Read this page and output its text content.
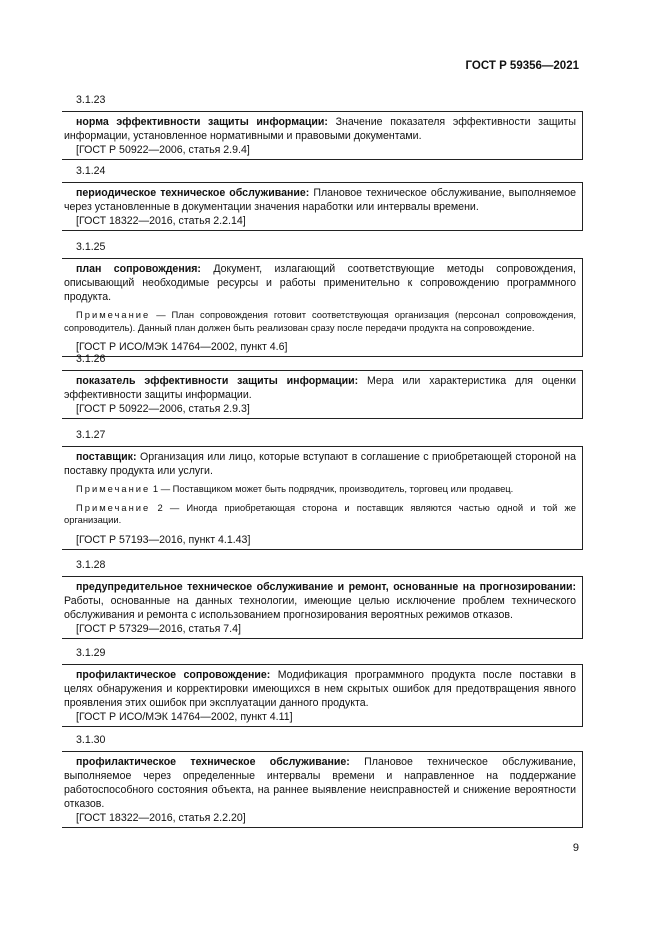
ГОСТ Р 59356—2021
3.1.23

норма эффективности защиты информации: Значение показателя эффективности защиты информации, установленное нормативными и правовыми документами.

[ГОСТ Р 50922—2006, статья 2.9.4]

3.1.24

периодическое техническое обслуживание: Плановое техническое обслуживание, выполняемое через установленные в документации значения наработки или интервалы времени.

[ГОСТ 18322—2016, статья 2.2.14]

3.1.25

план сопровождения: Документ, излагающий соответствующие методы сопровождения, описывающий необходимые ресурсы и работы применительно к сопровождению программного продукта.

Примечание — План сопровождения готовит соответствующая организация (персонал сопровождения, сопроводитель). Данный план должен быть реализован сразу после передачи продукта на сопровождение.

[ГОСТ Р ИСО/МЭК 14764—2002, пункт 4.6]

3.1.26

показатель эффективности защиты информации: Мера или характеристика для оценки эффективности защиты информации.

[ГОСТ Р 50922—2006, статья 2.9.3]

3.1.27

поставщик: Организация или лицо, которые вступают в соглашение с приобретающей стороной на поставку продукта или услуги.

Примечание 1 — Поставщиком может быть подрядчик, производитель, торговец или продавец.

Примечание 2 — Иногда приобретающая сторона и поставщик являются частью одной и той же организации.

[ГОСТ Р 57193—2016, пункт 4.1.43]

3.1.28

предупредительное техническое обслуживание и ремонт, основанные на прогнозировании: Работы, основанные на данных технологии, имеющие целью исключение проблем технического обслуживания и ремонта с использованием прогнозирования вероятных режимов отказов.

[ГОСТ Р 57329—2016, статья 7.4]

3.1.29

профилактическое сопровождение: Модификация программного продукта после поставки в целях обнаружения и корректировки имеющихся в нем скрытых ошибок для предотвращения явного проявления этих ошибок при эксплуатации данного продукта.

[ГОСТ Р ИСО/МЭК 14764—2002, пункт 4.11]

3.1.30

профилактическое техническое обслуживание: Плановое техническое обслуживание, выполняемое через определенные интервалы времени и направленное на поддержание работоспособного состояния объекта, на раннее выявление неисправностей и снижение вероятности отказов.

[ГОСТ 18322—2016, статья 2.2.20]

9
